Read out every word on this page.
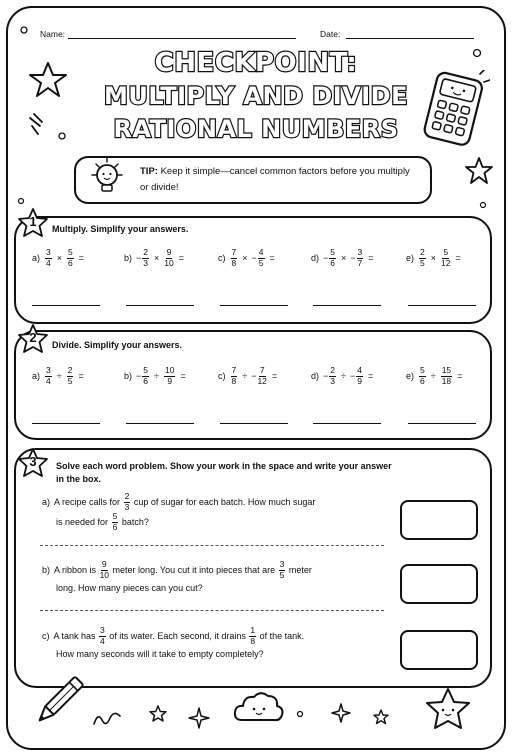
Name:	Date:
CHECKPOINT:
MULTIPLY AND DIVIDE
RATIONAL NUMBERS
TIP: Keep it simple—cancel common factors before you multiply or divide!
1	Multiply. Simplify your answers.
$a) \frac{3}{4} \times \frac{5}{6}$ =	$b) - \frac{2}{3} \times \frac{9}{10}$ =	$c) \frac{7}{8}$ × − $\frac{4}{5}$ =	$d) - \frac{5}{6}$ × − $\frac{3}{7}$ =	$e) \frac{2}{5} \times \frac{5}{12}$ =
2	Divide. Simplify your answers.
$a) \frac{3}{4} \div \frac{2}{5}$ =	$b) - \frac{5}{6} \div \frac{10}{9}$ =	$c) \frac{7}{8}$ ÷ − $\frac{7}{12}$ =	$d) - \frac{2}{3}$ ÷ − $\frac{4}{9}$ =	$e) \frac{5}{6} \div \frac{15}{18}$ =
3	Solve each word problem. Show your work in the space and write your answer
in the box.
a) A recipe calls for
$\frac{2}{3}$
cup of sugar for each batch. How much sugar
is needed for
$\frac{5}{6}$
batch?
b) A ribbon is
$\frac{9}{10}$
meter long. You cut it into pieces that are
$\frac{3}{5}$
meter
long. How many pieces can you cut?
c) A tank has
$\frac{3}{4}$
of its water. Each second, it drains
$\frac{1}{8}$
of the tank.
How many seconds will it take to empty completely?
